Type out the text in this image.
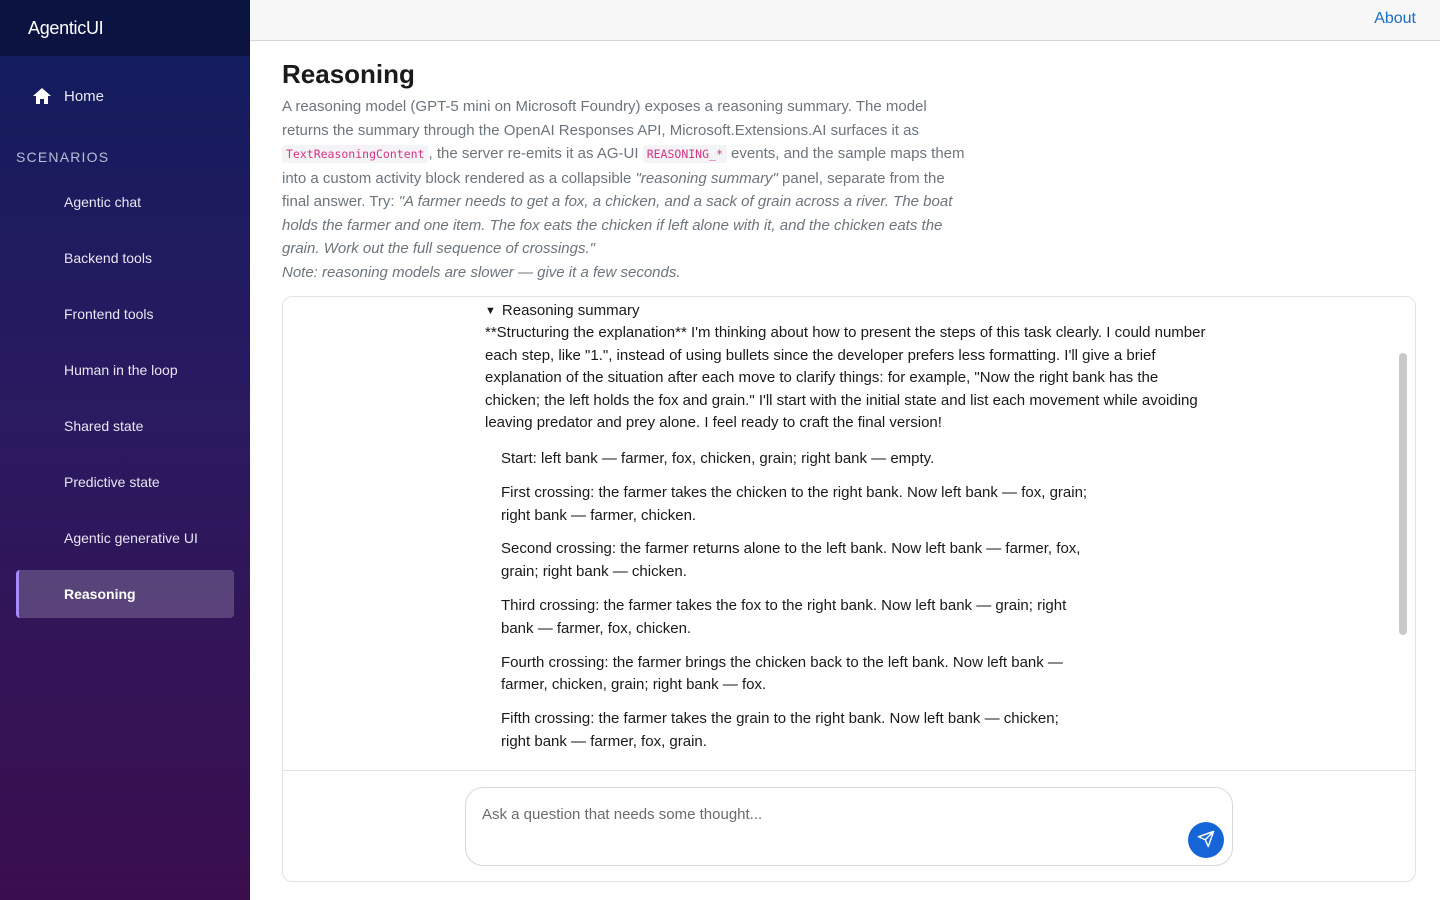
AgenticUI
Home
SCENARIOS
Agentic chat
Backend tools
Frontend tools
Human in the loop
Shared state
Predictive state
Agentic generative UI
Reasoning
About
Reasoning
A reasoning model (GPT-5 mini on Microsoft Foundry) exposes a reasoning summary. The model returns the summary through the OpenAI Responses API, Microsoft.Extensions.AI surfaces it as TextReasoningContent , the server re-emits it as AG-UI REASONING_* events, and the sample maps them into a custom activity block rendered as a collapsible "reasoning summary" panel, separate from the final answer. Try: "A farmer needs to get a fox, a chicken, and a sack of grain across a river. The boat holds the farmer and one item. The fox eats the chicken if left alone with it, and the chicken eats the grain. Work out the full sequence of crossings."
Note: reasoning models are slower — give it a few seconds.
▼ Reasoning summary
**Structuring the explanation** I'm thinking about how to present the steps of this task clearly. I could number each step, like "1.", instead of using bullets since the developer prefers less formatting. I'll give a brief explanation of the situation after each move to clarify things: for example, "Now the right bank has the chicken; the left holds the fox and grain." I'll start with the initial state and list each movement while avoiding leaving predator and prey alone. I feel ready to craft the final version!

Start: left bank — farmer, fox, chicken, grain; right bank — empty.

First crossing: the farmer takes the chicken to the right bank. Now left bank — fox, grain; right bank — farmer, chicken.

Second crossing: the farmer returns alone to the left bank. Now left bank — farmer, fox, grain; right bank — chicken.

Third crossing: the farmer takes the fox to the right bank. Now left bank — grain; right bank — farmer, fox, chicken.

Fourth crossing: the farmer brings the chicken back to the left bank. Now left bank — farmer, chicken, grain; right bank — fox.

Fifth crossing: the farmer takes the grain to the right bank. Now left bank — chicken; right bank — farmer, fox, grain.

Ask a question that needs some thought...
